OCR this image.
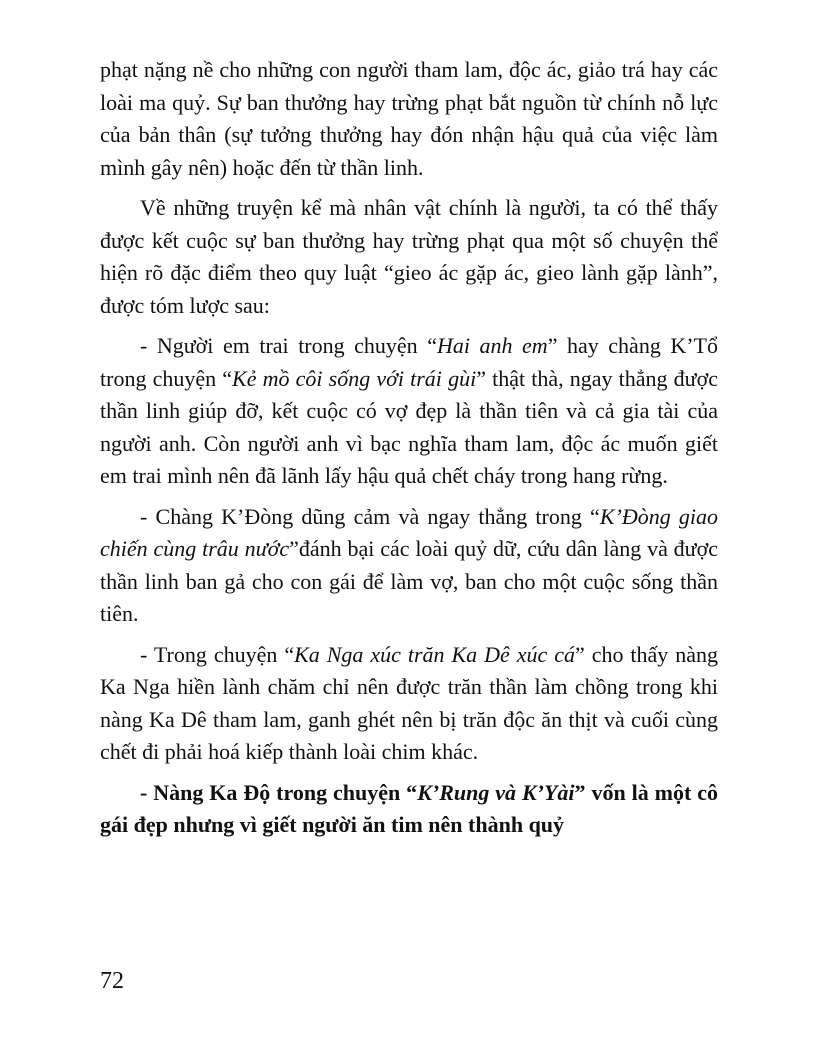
phạt nặng nề cho những con người tham lam, độc ác, giảo trá hay các loài ma quỷ. Sự ban thưởng hay trừng phạt bắt nguồn từ chính nỗ lực của bản thân (sự tưởng thưởng hay đón nhận hậu quả của việc làm mình gây nên) hoặc đến từ thần linh.

Về những truyện kể mà nhân vật chính là người, ta có thể thấy được kết cuộc sự ban thưởng hay trừng phạt qua một số chuyện thể hiện rõ đặc điểm theo quy luật “gieo ác gặp ác, gieo lành gặp lành”, được tóm lược sau:

- Người em trai trong chuyện “Hai anh em” hay chàng K’Tổ trong chuyện “Kẻ mồ côi sống với trái gùi” thật thà, ngay thẳng được thần linh giúp đỡ, kết cuộc có vợ đẹp là thần tiên và cả gia tài của người anh. Còn người anh vì bạc nghĩa tham lam, độc ác muốn giết em trai mình nên đã lãnh lấy hậu quả chết cháy trong hang rừng.

- Chàng K’Đòng dũng cảm và ngay thẳng trong “K’Đòng giao chiến cùng trâu nước”đánh bại các loài quỷ dữ, cứu dân làng và được thần linh ban gả cho con gái để làm vợ, ban cho một cuộc sống thần tiên.

- Trong chuyện “Ka Nga xúc trăn Ka Dê xúc cá” cho thấy nàng Ka Nga hiền lành chăm chỉ nên được trăn thần làm chồng trong khi nàng Ka Dê tham lam, ganh ghét nên bị trăn độc ăn thịt và cuối cùng chết đi phải hoá kiếp thành loài chim khác.

- Nàng Ka Độ trong chuyện “K’Rung và K’Yài” vốn là một cô gái đẹp nhưng vì giết người ăn tim nên thành quỷ

72
